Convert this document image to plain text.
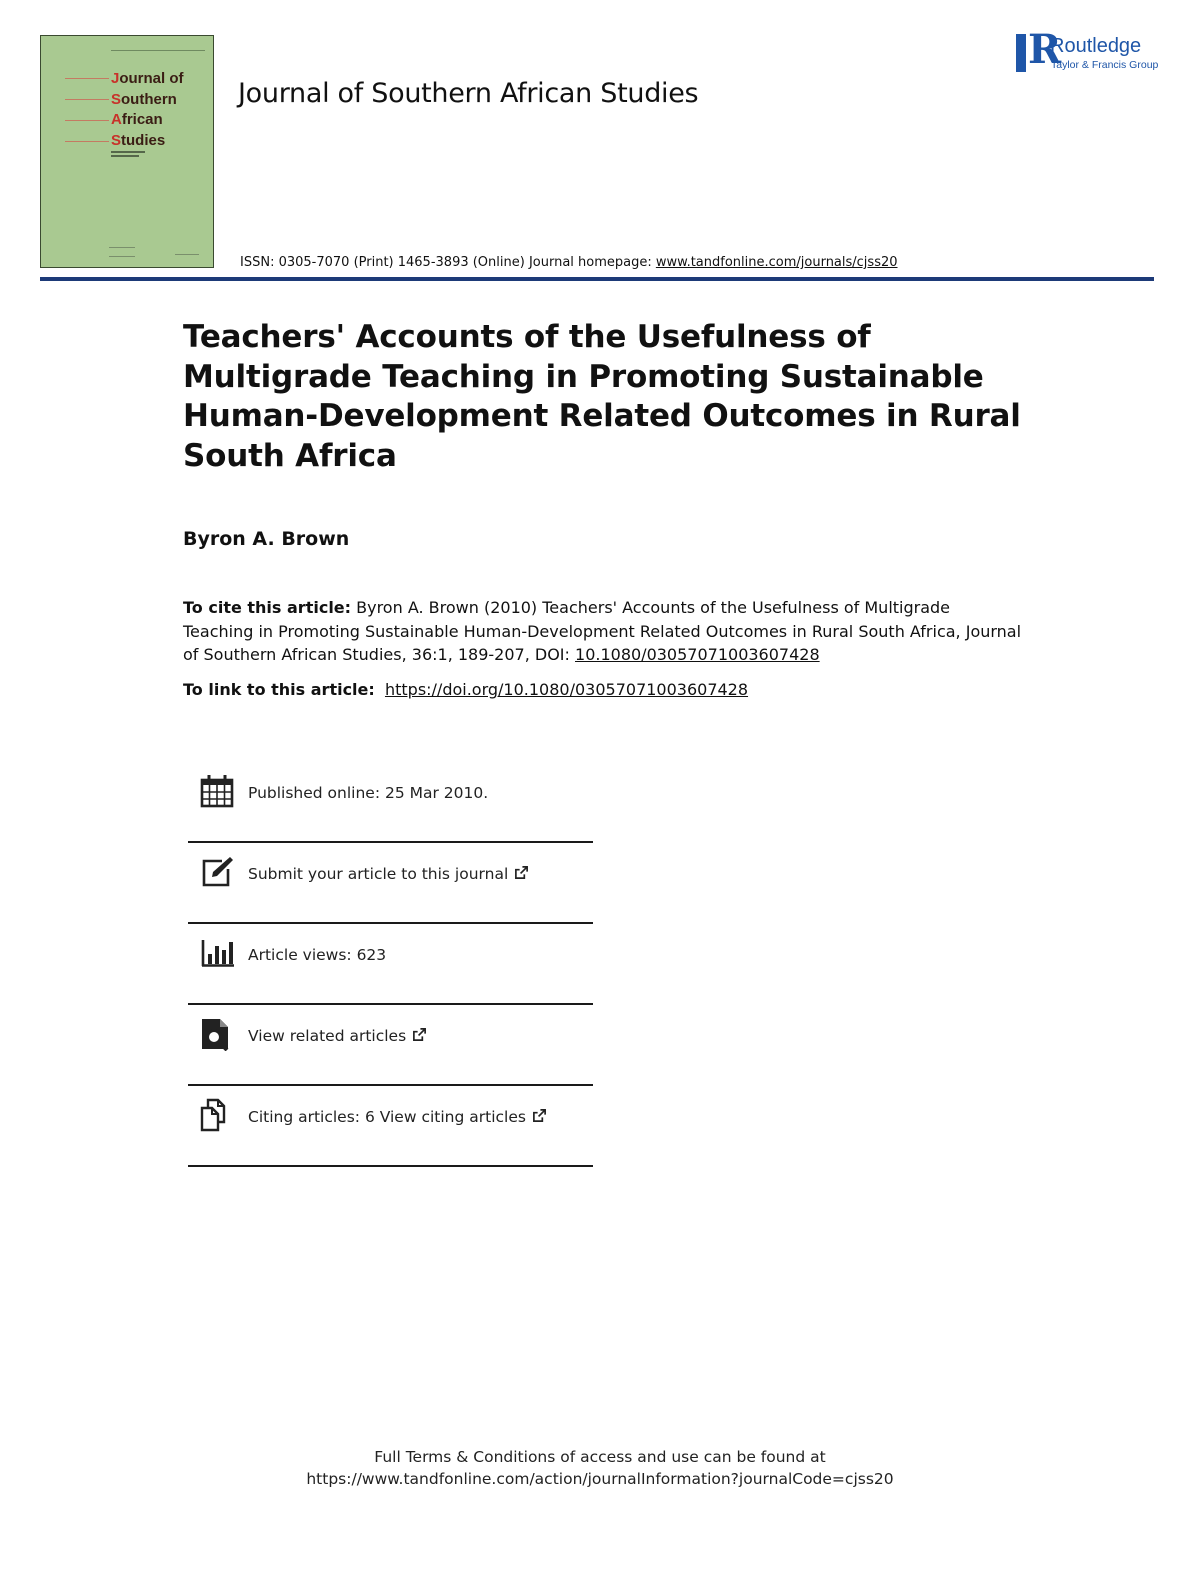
Journal of
Southern
African
Studies
Journal of Southern African Studies
R
Routledge
Taylor & Francis Group
ISSN: 0305-7070 (Print) 1465-3893 (Online) Journal homepage: www.tandfonline.com/journals/cjss20
Teachers' Accounts of the Usefulness of
Multigrade Teaching in Promoting Sustainable
Human-Development Related Outcomes in Rural
South Africa
Byron A. Brown
To cite this article: Byron A. Brown (2010) Teachers' Accounts of the Usefulness of Multigrade Teaching in Promoting Sustainable Human-Development Related Outcomes in Rural South Africa, Journal of Southern African Studies, 36:1, 189-207, DOI: 10.1080/03057071003607428
To link to this article: https://doi.org/10.1080/03057071003607428
Published online: 25 Mar 2010.
Submit your article to this journal
Article views: 623
View related articles
Citing articles: 6 View citing articles
Full Terms & Conditions of access and use can be found at
https://www.tandfonline.com/action/journalInformation?journalCode=cjss20
